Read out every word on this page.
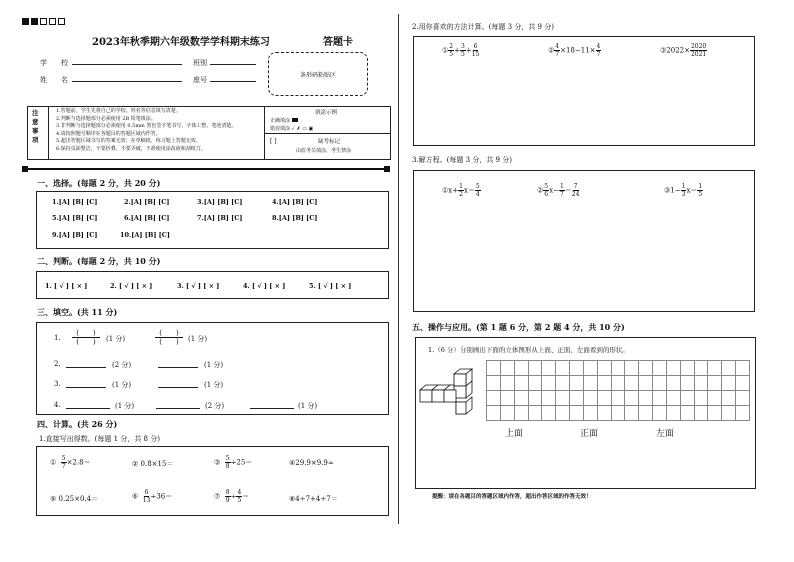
2023年秋季期六年级数学学科期末练习	答题卡
学　　校
姓　　名
班别
座号
条形码粘贴区
注意事项
1.答题前，学生先将自己的学校、姓名等信息填写清楚。
2.判断与选择题部分必须使用 2B 铅笔填涂。
3.非判断与选择题部分必须使用 0.5mm 黑色签字笔书写，字体工整、笔迹清楚。
4.请按照题号顺序在各题目的答题区域内作答。
5.超出答题区域书写的答案无效；在草稿纸、练习题上答题无效。
6.保持页面整洁，不要折叠、不要弄破，不准使用涂改液和刮纸刀。
填涂示例
正确填涂
错误填涂 ✓ ✗ ▭ ▣
[ ]	缺考标记
由监考员填涂，考生禁涂
一、选择。(每题 2 分，共 20 分)
1.[A] [B] [C]	2.[A] [B] [C]	3.[A] [B] [C]	4.[A] [B] [C]
5.[A] [B] [C]	6.[A] [B] [C]	7.[A] [B] [C]	8.[A] [B] [C]
9.[A] [B] [C]	10.[A] [B] [C]
二、判断。(每题 2 分，共 10 分)
1. [ √ ] [ × ]	2. [ √ ] [ × ]	3. [ √ ] [ × ]	4. [ √ ] [ × ]	5. [ √ ] [ × ]
三、填空。(共 11 分)
1.
(　　)
(　　) (1 分)
(　　)
(　　) (1 分)
2.	(2 分)	(1 分)
3.	(1 分)	(1 分)
4.	(1 分)	(2 分)	(1 分)
四、计算。(共 26 分)
1.直接写出得数。(每题 1 分，共 8 分)
① $\frac{5}{7} \times 2.8=$	② 0.8×15＝	③ $\frac{5}{8} \div 25=$	④29.9×9.9≈
⑤ 0.25×0.4＝	⑥ $\frac{6}{13} \div 36=$	⑦ $\frac{8}{9} \div \frac{4}{5}$ ＝	⑧4÷7+4÷7＝
2.用你喜欢的方法计算。(每题 3 分，共 9 分)
① $\frac{2}{5} + \frac{3}{5} + \frac{6}{15}$	② $\frac{4}{7} \times 18-11\times \frac{4}{7}$	③2022× $\frac{2020}{2021}$
3.解方程。(每题 3 分，共 9 分)
①x+ $\frac{1}{2} x= \frac{5}{4}$	② $\frac{5}{6} x- \frac{1}{7} = \frac{7}{24}$	③1− $\frac{1}{3} x= \frac{1}{5}$
五、操作与应用。(第 1 题 6 分，第 2 题 4 分，共 10 分)
1.（6 分）分别画出下面的立体图形从上面、正面、左面看到的形状。
上面	正面	左面
提醒：请在各题目的答题区域内作答，超出作答区域的作答无效！
